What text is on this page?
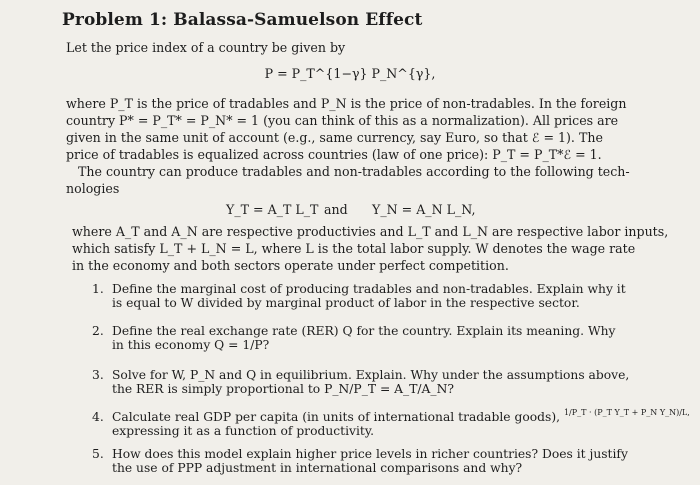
Problem 1: Balassa-Samuelson Effect
Let the price index of a country be given by
P = P_T^{1−γ} P_N^{γ},
where P_T is the price of tradables and P_N is the price of non-tradables. In the foreign
country P* = P_T* = P_N* = 1 (you can think of this as a normalization). All prices are
given in the same unit of account (e.g., same currency, say Euro, so that ℰ = 1). The
price of tradables is equalized across countries (law of one price): P_T = P_T*ℰ = 1.
The country can produce tradables and non-tradables according to the following tech-
nologies
Y_T = A_T L_T and Y_N = A_N L_N,
where A_T and A_N are respective productivies and L_T and L_N are respective labor inputs,
which satisfy L_T + L_N = L, where L is the total labor supply. W denotes the wage rate
in the economy and both sectors operate under perfect competition.
1. Define the marginal cost of producing tradables and non-tradables. Explain why it
is equal to W divided by marginal product of labor in the respective sector.
2. Define the real exchange rate (RER) Q for the country. Explain its meaning. Why
in this economy Q = 1/P?
3. Solve for W, P_N and Q in equilibrium. Explain. Why under the assumptions above,
the RER is simply proportional to P_N/P_T = A_T/A_N?
4. Calculate real GDP per capita (in units of international tradable goods), $^{1/P\_T \cdot (P\_T Y\_T + P\_N Y\_N)/L,}$
expressing it as a function of productivity.
5. How does this model explain higher price levels in richer countries? Does it justify
the use of PPP adjustment in international comparisons and why?
